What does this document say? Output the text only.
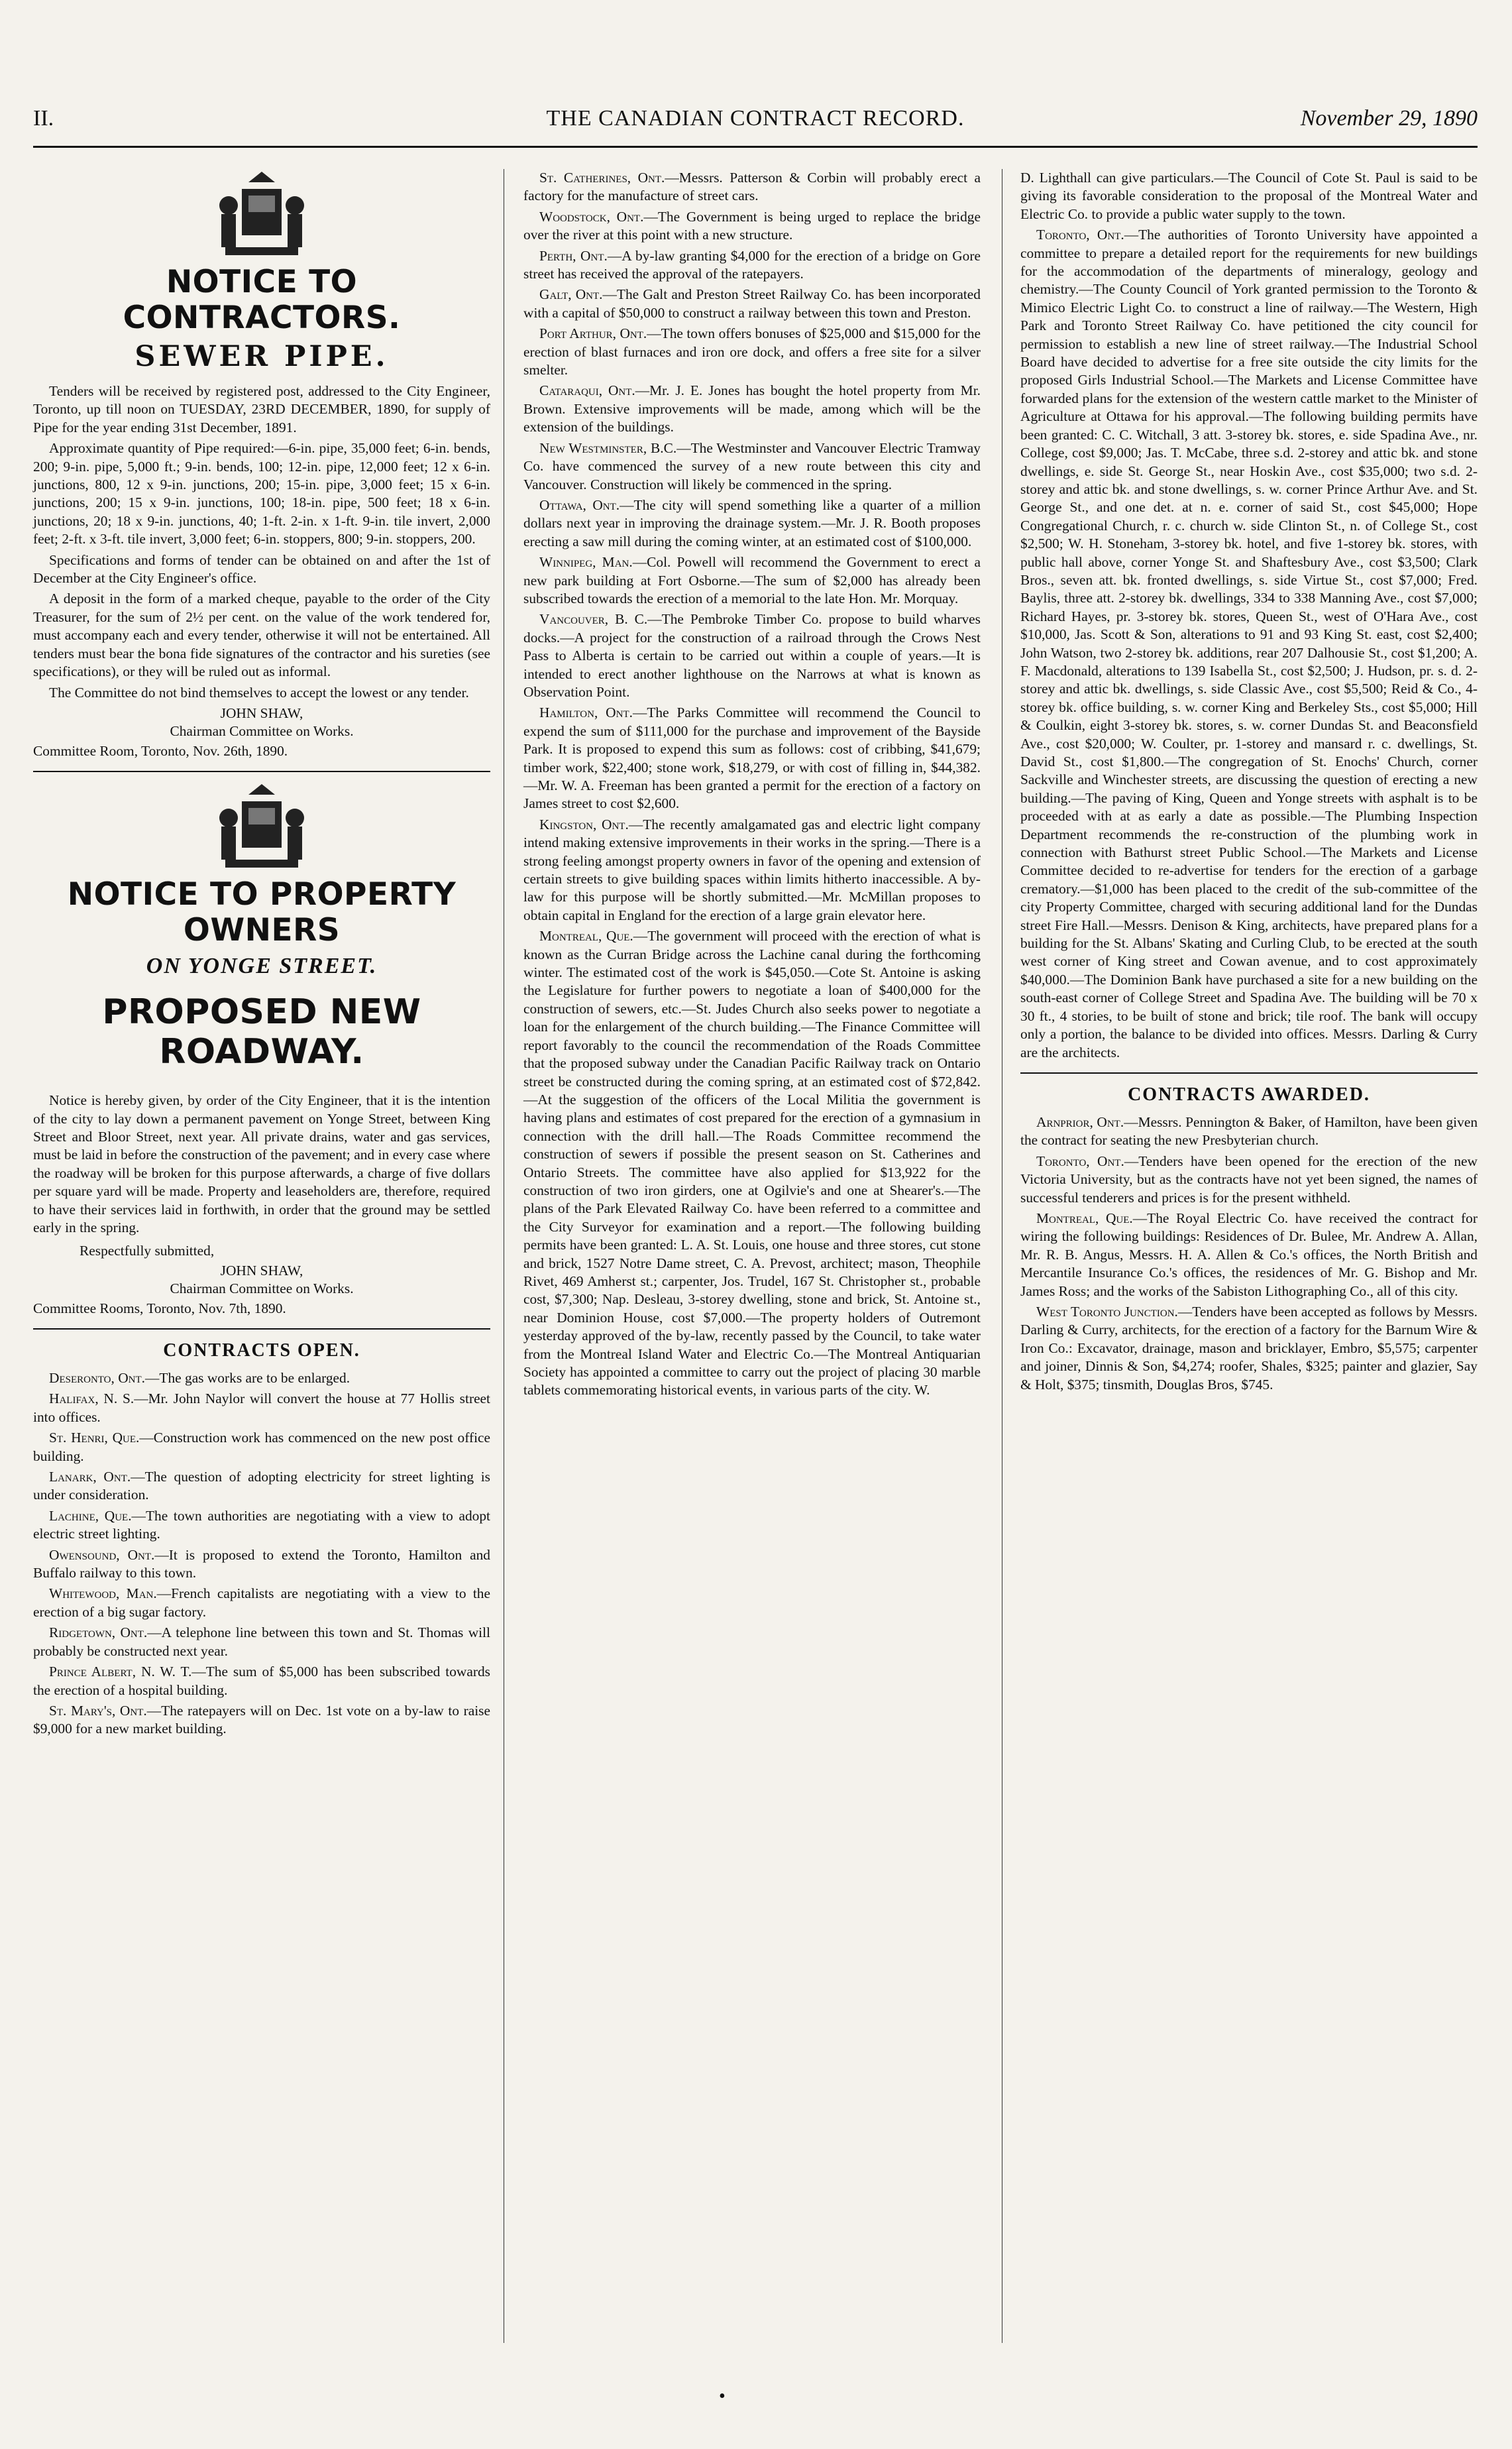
THE CANADIAN CONTRACT RECORD.
II.	November 29, 1890
NOTICE TO CONTRACTORS.
SEWER PIPE.

Tenders will be received by registered post, addressed to the City Engineer, Toronto, up till noon on TUESDAY, 23RD DECEMBER, 1890, for supply of Pipe for the year ending 31st December, 1891.

Approximate quantity of Pipe required:—6-in. pipe, 35,000 feet; 6-in. bends, 200; 9-in. pipe, 5,000 ft.; 9-in. bends, 100; 12-in. pipe, 12,000 feet; 12 x 6-in. junctions, 800, 12 x 9-in. junctions, 200; 15-in. pipe, 3,000 feet; 15 x 6-in. junctions, 200; 15 x 9-in. junctions, 100; 18-in. pipe, 500 feet; 18 x 6-in. junctions, 20; 18 x 9-in. junctions, 40; 1-ft. 2-in. x 1-ft. 9-in. tile invert, 2,000 feet; 2-ft. x 3-ft. tile invert, 3,000 feet; 6-in. stoppers, 800; 9-in. stoppers, 200.

Specifications and forms of tender can be obtained on and after the 1st of December at the City Engineer's office.

A deposit in the form of a marked cheque, payable to the order of the City Treasurer, for the sum of 2½ per cent. on the value of the work tendered for, must accompany each and every tender, otherwise it will not be entertained. All tenders must bear the bona fide signatures of the contractor and his sureties (see specifications), or they will be ruled out as informal.

The Committee do not bind themselves to accept the lowest or any tender.

JOHN SHAW,

Chairman Committee on Works.

Committee Room, Toronto, Nov. 26th, 1890.

NOTICE TO PROPERTY OWNERS
ON YONGE STREET.
PROPOSED NEW ROADWAY.

Notice is hereby given, by order of the City Engineer, that it is the intention of the city to lay down a permanent pavement on Yonge Street, between King Street and Bloor Street, next year. All private drains, water and gas services, must be laid in before the construction of the pavement; and in every case where the roadway will be broken for this purpose afterwards, a charge of five dollars per square yard will be made. Property and leaseholders are, therefore, required to have their services laid in forthwith, in order that the ground may be settled early in the spring.

Respectfully submitted,

JOHN SHAW,

Chairman Committee on Works.

Committee Rooms, Toronto, Nov. 7th, 1890.

CONTRACTS OPEN.

Deseronto, Ont.—The gas works are to be enlarged.

Halifax, N. S.—Mr. John Naylor will convert the house at 77 Hollis street into offices.

St. Henri, Que.—Construction work has commenced on the new post office building.

Lanark, Ont.—The question of adopting electricity for street lighting is under consideration.

Lachine, Que.—The town authorities are negotiating with a view to adopt electric street lighting.

Owensound, Ont.—It is proposed to extend the Toronto, Hamilton and Buffalo railway to this town.

Whitewood, Man.—French capitalists are negotiating with a view to the erection of a big sugar factory.

Ridgetown, Ont.—A telephone line between this town and St. Thomas will probably be constructed next year.

Prince Albert, N. W. T.—The sum of $5,000 has been subscribed towards the erection of a hospital building.

St. Mary's, Ont.—The ratepayers will on Dec. 1st vote on a by-law to raise $9,000 for a new market building.

St. Catherines, Ont.—Messrs. Patterson & Corbin will probably erect a factory for the manufacture of street cars.

Woodstock, Ont.—The Government is being urged to replace the bridge over the river at this point with a new structure.

Perth, Ont.—A by-law granting $4,000 for the erection of a bridge on Gore street has received the approval of the ratepayers.

Galt, Ont.—The Galt and Preston Street Railway Co. has been incorporated with a capital of $50,000 to construct a railway between this town and Preston.

Port Arthur, Ont.—The town offers bonuses of $25,000 and $15,000 for the erection of blast furnaces and iron ore dock, and offers a free site for a silver smelter.

Cataraqui, Ont.—Mr. J. E. Jones has bought the hotel property from Mr. Brown. Extensive improvements will be made, among which will be the extension of the buildings.

New Westminster, B.C.—The Westminster and Vancouver Electric Tramway Co. have commenced the survey of a new route between this city and Vancouver. Construction will likely be commenced in the spring.

Ottawa, Ont.—The city will spend something like a quarter of a million dollars next year in improving the drainage system.—Mr. J. R. Booth proposes erecting a saw mill during the coming winter, at an estimated cost of $100,000.

Winnipeg, Man.—Col. Powell will recommend the Government to erect a new park building at Fort Osborne.—The sum of $2,000 has already been subscribed towards the erection of a memorial to the late Hon. Mr. Morquay.

Vancouver, B. C.—The Pembroke Timber Co. propose to build wharves docks.—A project for the construction of a railroad through the Crows Nest Pass to Alberta is certain to be carried out within a couple of years.—It is intended to erect another lighthouse on the Narrows at what is known as Observation Point.

Hamilton, Ont.—The Parks Committee will recommend the Council to expend the sum of $111,000 for the purchase and improvement of the Bayside Park. It is proposed to expend this sum as follows: cost of cribbing, $41,679; timber work, $22,400; stone work, $18,279, or with cost of filling in, $44,382.—Mr. W. A. Freeman has been granted a permit for the erection of a factory on James street to cost $2,600.

Kingston, Ont.—The recently amalgamated gas and electric light company intend making extensive improvements in their works in the spring.—There is a strong feeling amongst property owners in favor of the opening and extension of certain streets to give building spaces within limits hitherto inaccessible. A by-law for this purpose will be shortly submitted.—Mr. McMillan proposes to obtain capital in England for the erection of a large grain elevator here.

Montreal, Que.—The government will proceed with the erection of what is known as the Curran Bridge across the Lachine canal during the forthcoming winter. The estimated cost of the work is $45,050.—Cote St. Antoine is asking the Legislature for further powers to negotiate a loan of $400,000 for the construction of sewers, etc.—St. Judes Church also seeks power to negotiate a loan for the enlargement of the church building.—The Finance Committee will report favorably to the council the recommendation of the Roads Committee that the proposed subway under the Canadian Pacific Railway track on Ontario street be constructed during the coming spring, at an estimated cost of $72,842.—At the suggestion of the officers of the Local Militia the government is having plans and estimates of cost prepared for the erection of a gymnasium in connection with the drill hall.—The Roads Committee recommend the construction of sewers if possible the present season on St. Catherines and Ontario Streets. The committee have also applied for $13,922 for the construction of two iron girders, one at Ogilvie's and one at Shearer's.—The plans of the Park Elevated Railway Co. have been referred to a committee and the City Surveyor for examination and a report.—The following building permits have been granted: L. A. St. Louis, one house and three stores, cut stone and brick, 1527 Notre Dame street, C. A. Prevost, architect; mason, Theophile Rivet, 469 Amherst st.; carpenter, Jos. Trudel, 167 St. Christopher st., probable cost, $7,300; Nap. Desleau, 3-storey dwelling, stone and brick, St. Antoine st., near Dominion House, cost $7,000.—The property holders of Outremont yesterday approved of the by-law, recently passed by the Council, to take water from the Montreal Island Water and Electric Co.—The Montreal Antiquarian Society has appointed a committee to carry out the project of placing 30 marble tablets commemorating historical events, in various parts of the city. W.

D. Lighthall can give particulars.—The Council of Cote St. Paul is said to be giving its favorable consideration to the proposal of the Montreal Water and Electric Co. to provide a public water supply to the town.

Toronto, Ont.—The authorities of Toronto University have appointed a committee to prepare a detailed report for the requirements for new buildings for the accommodation of the departments of mineralogy, geology and chemistry.—The County Council of York granted permission to the Toronto & Mimico Electric Light Co. to construct a line of railway.—The Western, High Park and Toronto Street Railway Co. have petitioned the city council for permission to establish a new line of street railway.—The Industrial School Board have decided to advertise for a free site outside the city limits for the proposed Girls Industrial School.—The Markets and License Committee have forwarded plans for the extension of the western cattle market to the Minister of Agriculture at Ottawa for his approval.—The following building permits have been granted: C. C. Witchall, 3 att. 3-storey bk. stores, e. side Spadina Ave., nr. College, cost $9,000; Jas. T. McCabe, three s.d. 2-storey and attic bk. and stone dwellings, e. side St. George St., near Hoskin Ave., cost $35,000; two s.d. 2-storey and attic bk. and stone dwellings, s. w. corner Prince Arthur Ave. and St. George St., and one det. at n. e. corner of said St., cost $45,000; Hope Congregational Church, r. c. church w. side Clinton St., n. of College St., cost $2,500; W. H. Stoneham, 3-storey bk. hotel, and five 1-storey bk. stores, with public hall above, corner Yonge St. and Shaftesbury Ave., cost $3,500; Clark Bros., seven att. bk. fronted dwellings, s. side Virtue St., cost $7,000; Fred. Baylis, three att. 2-storey bk. dwellings, 334 to 338 Manning Ave., cost $7,000; Richard Hayes, pr. 3-storey bk. stores, Queen St., west of O'Hara Ave., cost $10,000, Jas. Scott & Son, alterations to 91 and 93 King St. east, cost $2,400; John Watson, two 2-storey bk. additions, rear 207 Dalhousie St., cost $1,200; A. F. Macdonald, alterations to 139 Isabella St., cost $2,500; J. Hudson, pr. s. d. 2-storey and attic bk. dwellings, s. side Classic Ave., cost $5,500; Reid & Co., 4-storey bk. office building, s. w. corner King and Berkeley Sts., cost $5,000; Hill & Coulkin, eight 3-storey bk. stores, s. w. corner Dundas St. and Beaconsfield Ave., cost $20,000; W. Coulter, pr. 1-storey and mansard r. c. dwellings, St. David St., cost $1,800.—The congregation of St. Enochs' Church, corner Sackville and Winchester streets, are discussing the question of erecting a new building.—The paving of King, Queen and Yonge streets with asphalt is to be proceeded with at as early a date as possible.—The Plumbing Inspection Department recommends the re-construction of the plumbing work in connection with Bathurst street Public School.—The Markets and License Committee decided to re-advertise for tenders for the erection of a garbage crematory.—$1,000 has been placed to the credit of the sub-committee of the city Property Committee, charged with securing additional land for the Dundas street Fire Hall.—Messrs. Denison & King, architects, have prepared plans for a building for the St. Albans' Skating and Curling Club, to be erected at the south west corner of King street and Cowan avenue, and to cost approximately $40,000.—The Dominion Bank have purchased a site for a new building on the south-east corner of College Street and Spadina Ave. The building will be 70 x 30 ft., 4 stories, to be built of stone and brick; tile roof. The bank will occupy only a portion, the balance to be divided into offices. Messrs. Darling & Curry are the architects.

CONTRACTS AWARDED.

Arnprior, Ont.—Messrs. Pennington & Baker, of Hamilton, have been given the contract for seating the new Presbyterian church.

Toronto, Ont.—Tenders have been opened for the erection of the new Victoria University, but as the contracts have not yet been signed, the names of successful tenderers and prices is for the present withheld.

Montreal, Que.—The Royal Electric Co. have received the contract for wiring the following buildings: Residences of Dr. Bulee, Mr. Andrew A. Allan, Mr. R. B. Angus, Messrs. H. A. Allen & Co.'s offices, the North British and Mercantile Insurance Co.'s offices, the residences of Mr. G. Bishop and Mr. James Ross; and the works of the Sabiston Lithographing Co., all of this city.

West Toronto Junction.—Tenders have been accepted as follows by Messrs. Darling & Curry, architects, for the erection of a factory for the Barnum Wire & Iron Co.: Excavator, drainage, mason and bricklayer, Embro, $5,575; carpenter and joiner, Dinnis & Son, $4,274; roofer, Shales, $325; painter and glazier, Say & Holt, $375; tinsmith, Douglas Bros, $745.

•
